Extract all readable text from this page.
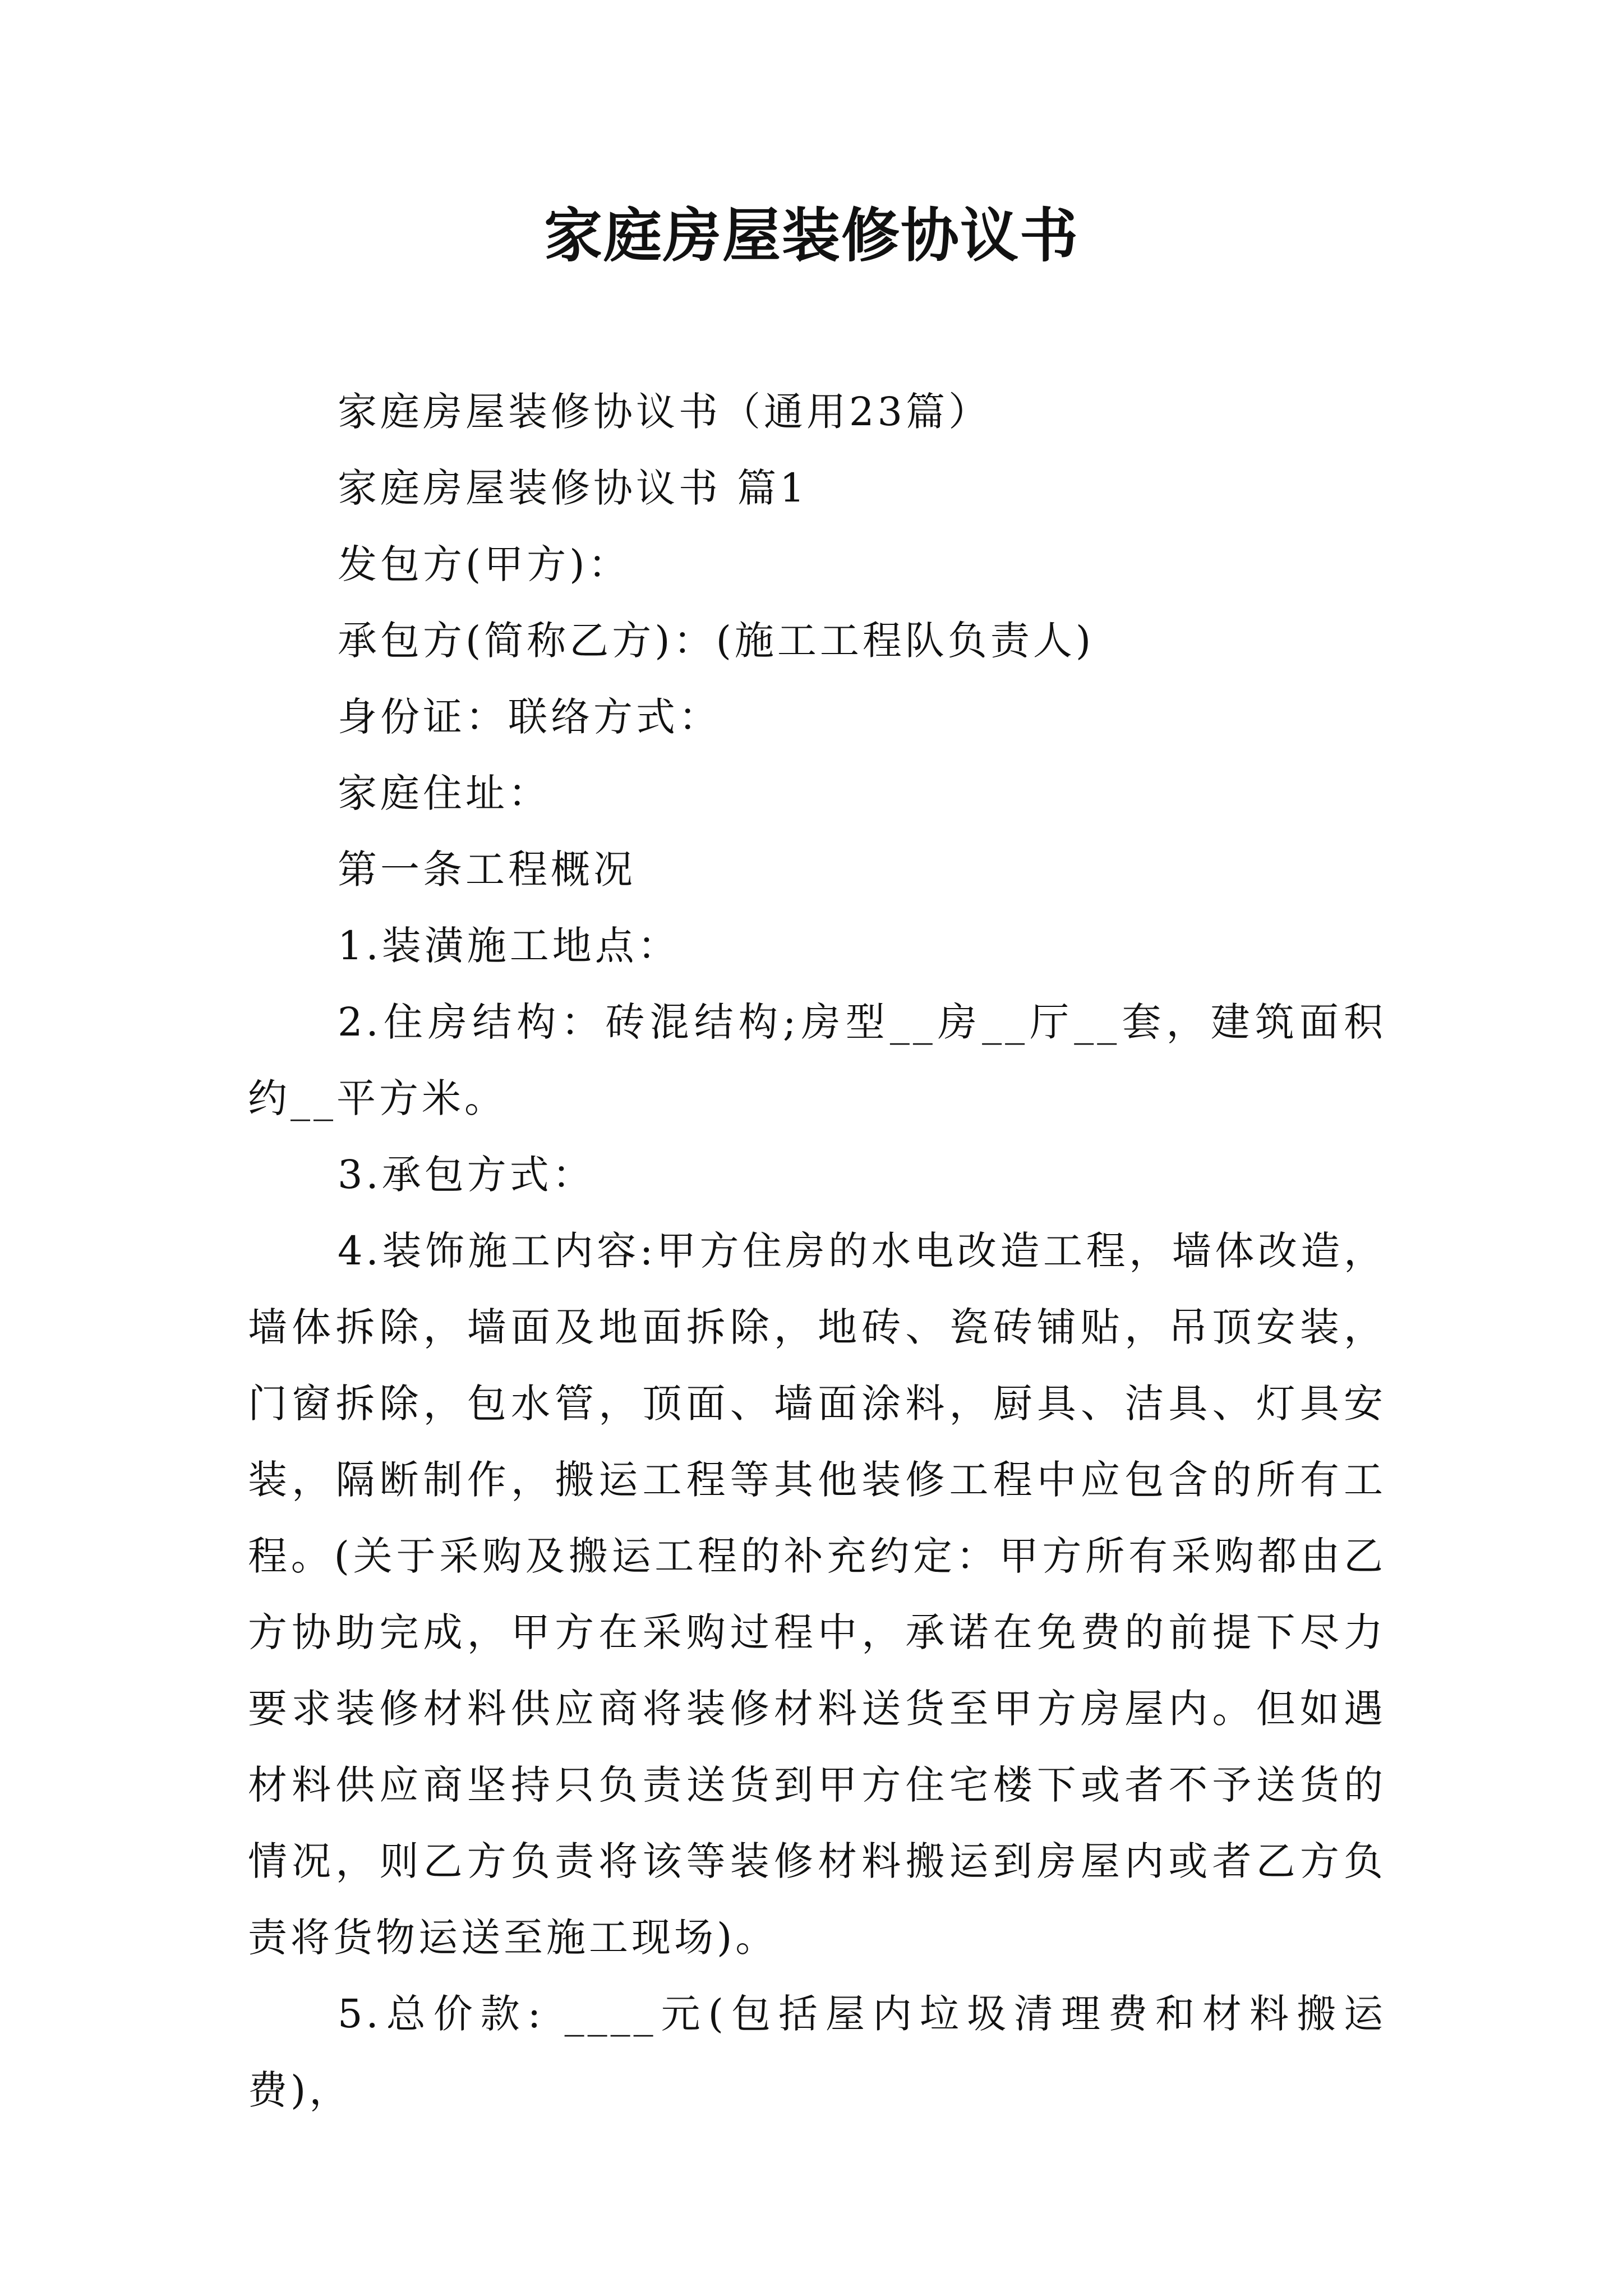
家庭房屋装修协议书

家庭房屋装修协议书（通用23篇）

家庭房屋装修协议书 篇1

发包方(甲方)：

承包方(简称乙方)：(施工工程队负责人)

身份证：联络方式：

家庭住址：

第一条工程概况

1.装潢施工地点：

2.住房结构：砖混结构;房型__房__厅__套，建筑面积约__平方米。

3.承包方式：

4.装饰施工内容:甲方住房的水电改造工程，墙体改造，墙体拆除，墙面及地面拆除，地砖、瓷砖铺贴，吊顶安装，门窗拆除，包水管，顶面、墙面涂料，厨具、洁具、灯具安装，隔断制作，搬运工程等其他装修工程中应包含的所有工程。(关于采购及搬运工程的补充约定：甲方所有采购都由乙方协助完成，甲方在采购过程中，承诺在免费的前提下尽力要求装修材料供应商将装修材料送货至甲方房屋内。但如遇材料供应商坚持只负责送货到甲方住宅楼下或者不予送货的情况，则乙方负责将该等装修材料搬运到房屋内或者乙方负责将货物运送至施工现场)。

5.总价款: ____元(包括屋内垃圾清理费和材料搬运费)，
